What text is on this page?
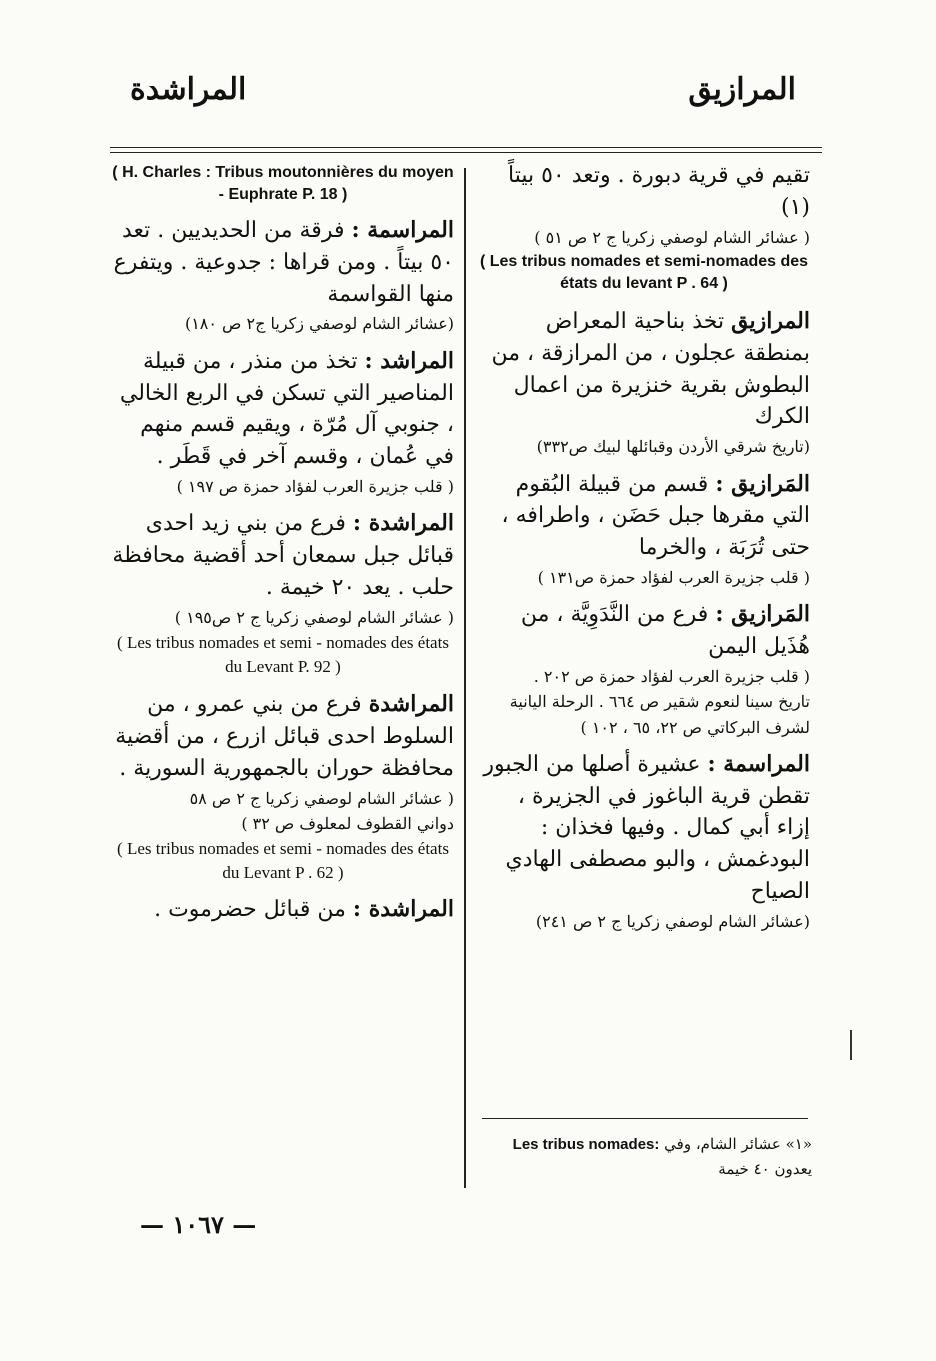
المرازيق
المراشدة
تقيم في قرية دبورة . وتعد ٥٠ بيتاً (١)
( عشائر الشام لوصفي زكريا ج ٢ ص ٥١ )
( Les tribus nomades et semi-nomades des états du levant P . 64 )
المرازيق تخذ بناحية المعراض بمنطقة عجلون ، من المرازقة ، من البطوش بقرية خنزيرة من اعمال الكرك
(تاريخ شرقي الأردن وقبائلها لبيك ص٣٣٢)
المَرازيق : قسم من قبيلة البُقوم التي مقرها جبل حَضَن ، واطرافه ، حتى تُرَبَة ، والخرما
( قلب جزيرة العرب لفؤاد حمزة ص١٣١ )
المَرازيق : فرع من النَّدَوِيَّة ، من هُذَيل اليمن
( قلب جزيرة العرب لفؤاد حمزة ص ٢٠٢ .
تاريخ سينا لنعوم شقير ص ٦٦٤ . الرحلة اليانية
لشرف البركاتي ص ٢٢، ٦٥ ، ١٠٢ )
المراسمة : عشيرة أصلها من الجبور تقطن قرية الباغوز في الجزيرة ، إزاء أبي كمال . وفيها فخذان : البودغمش ، والبو مصطفى الهادي الصياح
(عشائر الشام لوصفي زكريا ج ٢ ص ٢٤١)
( H. Charles : Tribus moutonnières du moyen - Euphrate P. 18 )
المراسمة : فرقة من الحديديين . تعد ٥٠ بيتاً . ومن قراها : جدوعية . ويتفرع منها القواسمة
(عشائر الشام لوصفي زكريا ج٢ ص ١٨٠)
المراشد : تخذ من منذر ، من قبيلة المناصير التي تسكن في الربع الخالي ، جنوبي آل مُرّة ، ويقيم قسم منهم في عُمان ، وقسم آخر في قَطَر .
( قلب جزيرة العرب لفؤاد حمزة ص ١٩٧ )
المراشدة : فرع من بني زيد احدى قبائل جبل سمعان أحد أقضية محافظة حلب . يعد ٢٠ خيمة .
( عشائر الشام لوصفي زكريا ج ٢ ص١٩٥ )
( Les tribus nomades et semi - nomades des états du Levant P. 92 )
المراشدة فرع من بني عمرو ، من السلوط احدى قبائل ازرع ، من أقضية محافظة حوران بالجمهورية السورية .
( عشائر الشام لوصفي زكريا ج ٢ ص ٥٨
دواني القطوف لمعلوف ص ٣٢ )
( Les tribus nomades et semi - nomades des états du Levant P . 62 )
المراشدة : من قبائل حضرموت .
«١» عشائر الشام، وفي Les tribus nomades:
يعدون ٤٠ خيمة
— ١٠٦٧ —
